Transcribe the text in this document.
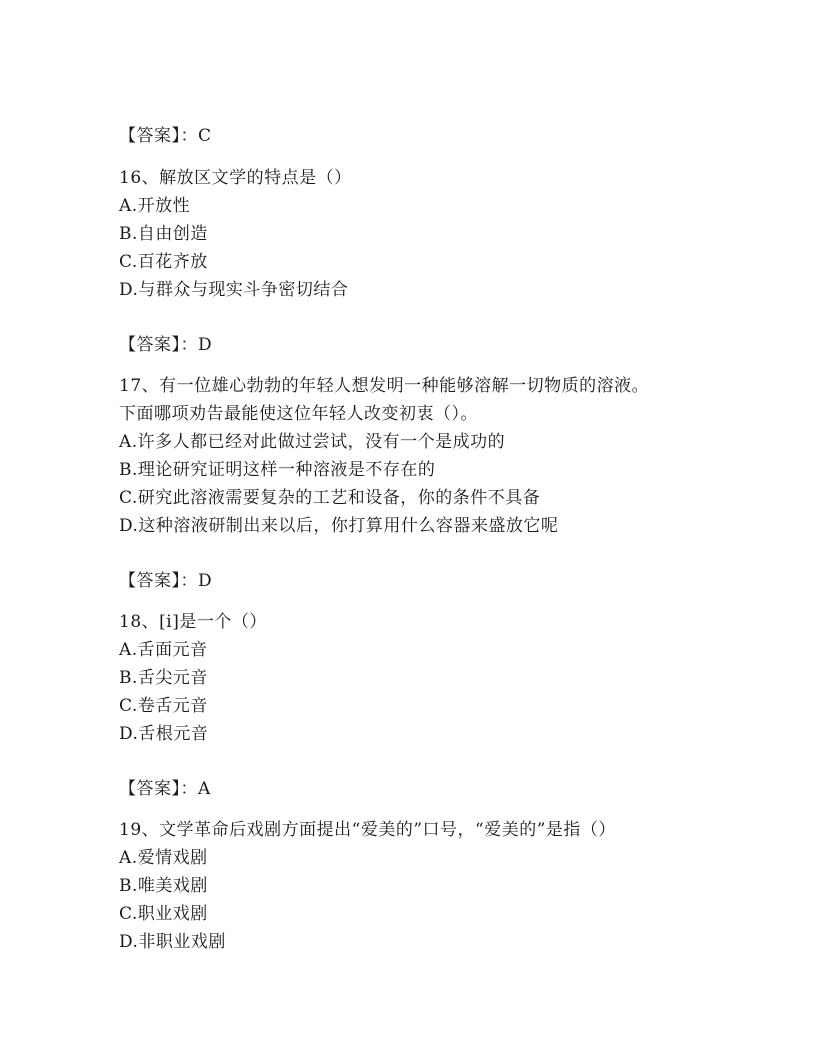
【答案】：C
16、解放区文学的特点是（）
A.开放性
B.自由创造
C.百花齐放
D.与群众与现实斗争密切结合
【答案】：D
17、有一位雄心勃勃的年轻人想发明一种能够溶解一切物质的溶液。
下面哪项劝告最能使这位年轻人改变初衷（）。
A.许多人都已经对此做过尝试，没有一个是成功的
B.理论研究证明这样一种溶液是不存在的
C.研究此溶液需要复杂的工艺和设备，你的条件不具备
D.这种溶液研制出来以后，你打算用什么容器来盛放它呢
【答案】：D
18、[i]是一个（）
A.舌面元音
B.舌尖元音
C.卷舌元音
D.舌根元音
【答案】：A
19、文学革命后戏剧方面提出“爱美的”口号，“爱美的”是指（）
A.爱情戏剧
B.唯美戏剧
C.职业戏剧
D.非职业戏剧
